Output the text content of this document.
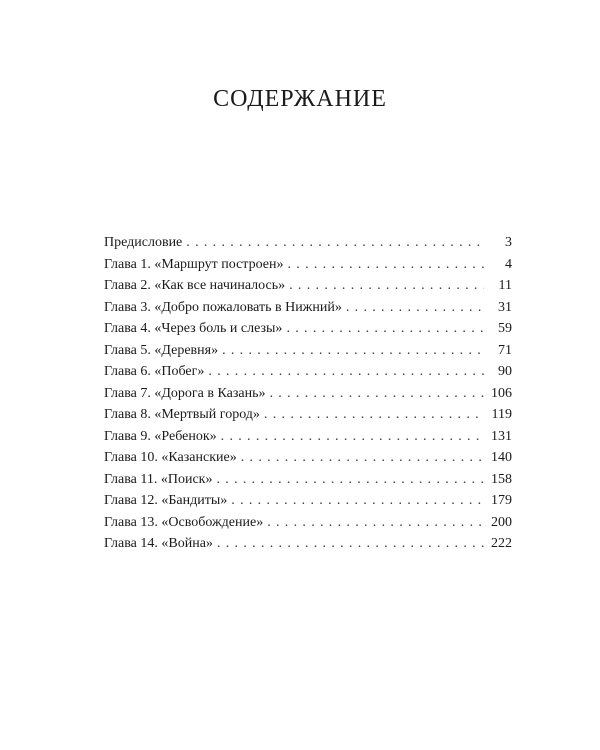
СОДЕРЖАНИЕ
Предисловие . . .	3
Глава 1. «Маршрут построен» . . .	4
Глава 2. «Как все начиналось» . . .	11
Глава 3. «Добро пожаловать в Нижний» . . .	31
Глава 4. «Через боль и слезы» . . .	59
Глава 5. «Деревня» . . .	71
Глава 6. «Побег» . . .	90
Глава 7. «Дорога в Казань» . . .	106
Глава 8. «Мертвый город» . . .	119
Глава 9. «Ребенок» . . .	131
Глава 10. «Казанские» . . .	140
Глава 11. «Поиск» . . .	158
Глава 12. «Бандиты» . . .	179
Глава 13. «Освобождение» . . .	200
Глава 14. «Война» . . .	222
